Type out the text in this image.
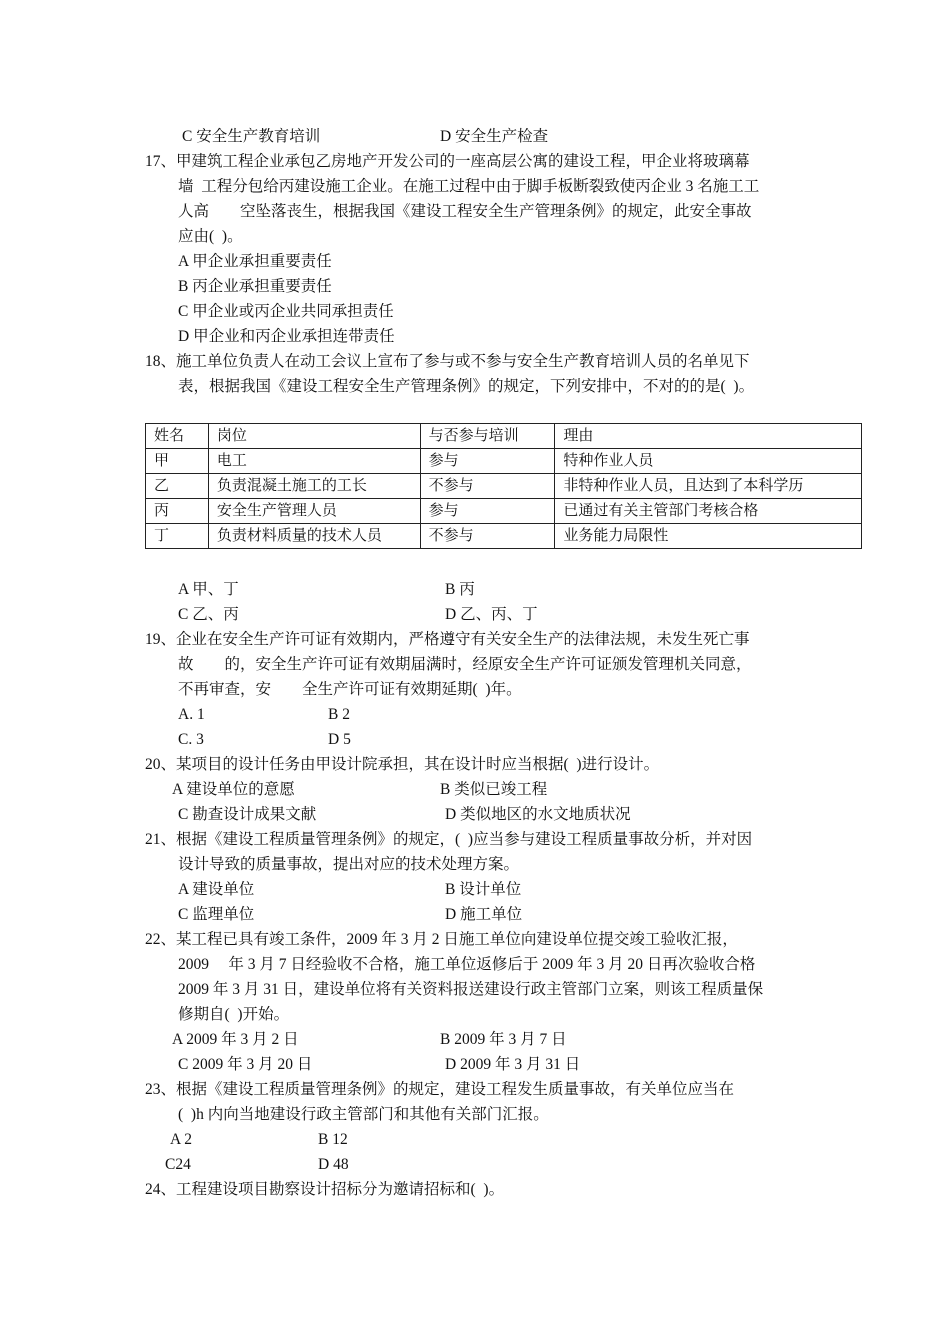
C 安全生产教育培训	D 安全生产检查
17、甲建筑工程企业承包乙房地产开发公司的一座高层公寓的建设工程，甲企业将玻璃幕
墙  工程分包给丙建设施工企业。在施工过程中由于脚手板断裂致使丙企业 3 名施工工
人高        空坠落丧生，根据我国《建设工程安全生产管理条例》的规定，此安全事故
应由(  )。
A 甲企业承担重要责任
B 丙企业承担重要责任
C 甲企业或丙企业共同承担责任
D 甲企业和丙企业承担连带责任
18、施工单位负责人在动工会议上宣布了参与或不参与安全生产教育培训人员的名单见下
表，根据我国《建设工程安全生产管理条例》的规定，下列安排中，不对的的是(  )。
姓名	岗位	与否参与培训	理由
甲	电工	参与	特种作业人员
乙	负责混凝土施工的工长	不参与	非特种作业人员，且达到了本科学历
丙	安全生产管理人员	参与	已通过有关主管部门考核合格
丁	负责材料质量的技术人员	不参与	业务能力局限性
A 甲、丁	B 丙
C 乙、丙	D 乙、丙、丁
19、企业在安全生产许可证有效期内，严格遵守有关安全生产的法律法规，未发生死亡事
故        的，安全生产许可证有效期届满时，经原安全生产许可证颁发管理机关同意，
不再审查，安        全生产许可证有效期延期(  )年。
A. 1	B 2
C. 3	D 5
20、某项目的设计任务由甲设计院承担，其在设计时应当根据(  )进行设计。
A 建设单位的意愿	B 类似已竣工程
C 勘查设计成果文献	D 类似地区的水文地质状况
21、根据《建设工程质量管理条例》的规定，(  )应当参与建设工程质量事故分析，并对因
设计导致的质量事故，提出对应的技术处理方案。
A 建设单位	B 设计单位
C 监理单位	D 施工单位
22、某工程已具有竣工条件，2009 年 3 月 2 日施工单位向建设单位提交竣工验收汇报，
2009     年 3 月 7 日经验收不合格，施工单位返修后于 2009 年 3 月 20 日再次验收合格
2009 年 3 月 31 日，建设单位将有关资料报送建设行政主管部门立案，则该工程质量保
修期自(  )开始。
A 2009 年 3 月 2 日	B 2009 年 3 月 7 日
C 2009 年 3 月 20 日	D 2009 年 3 月 31 日
23、根据《建设工程质量管理条例》的规定，建设工程发生质量事故，有关单位应当在
(  )h 内向当地建设行政主管部门和其他有关部门汇报。
A 2	B 12
C24	D 48
24、工程建设项目勘察设计招标分为邀请招标和(  )。
